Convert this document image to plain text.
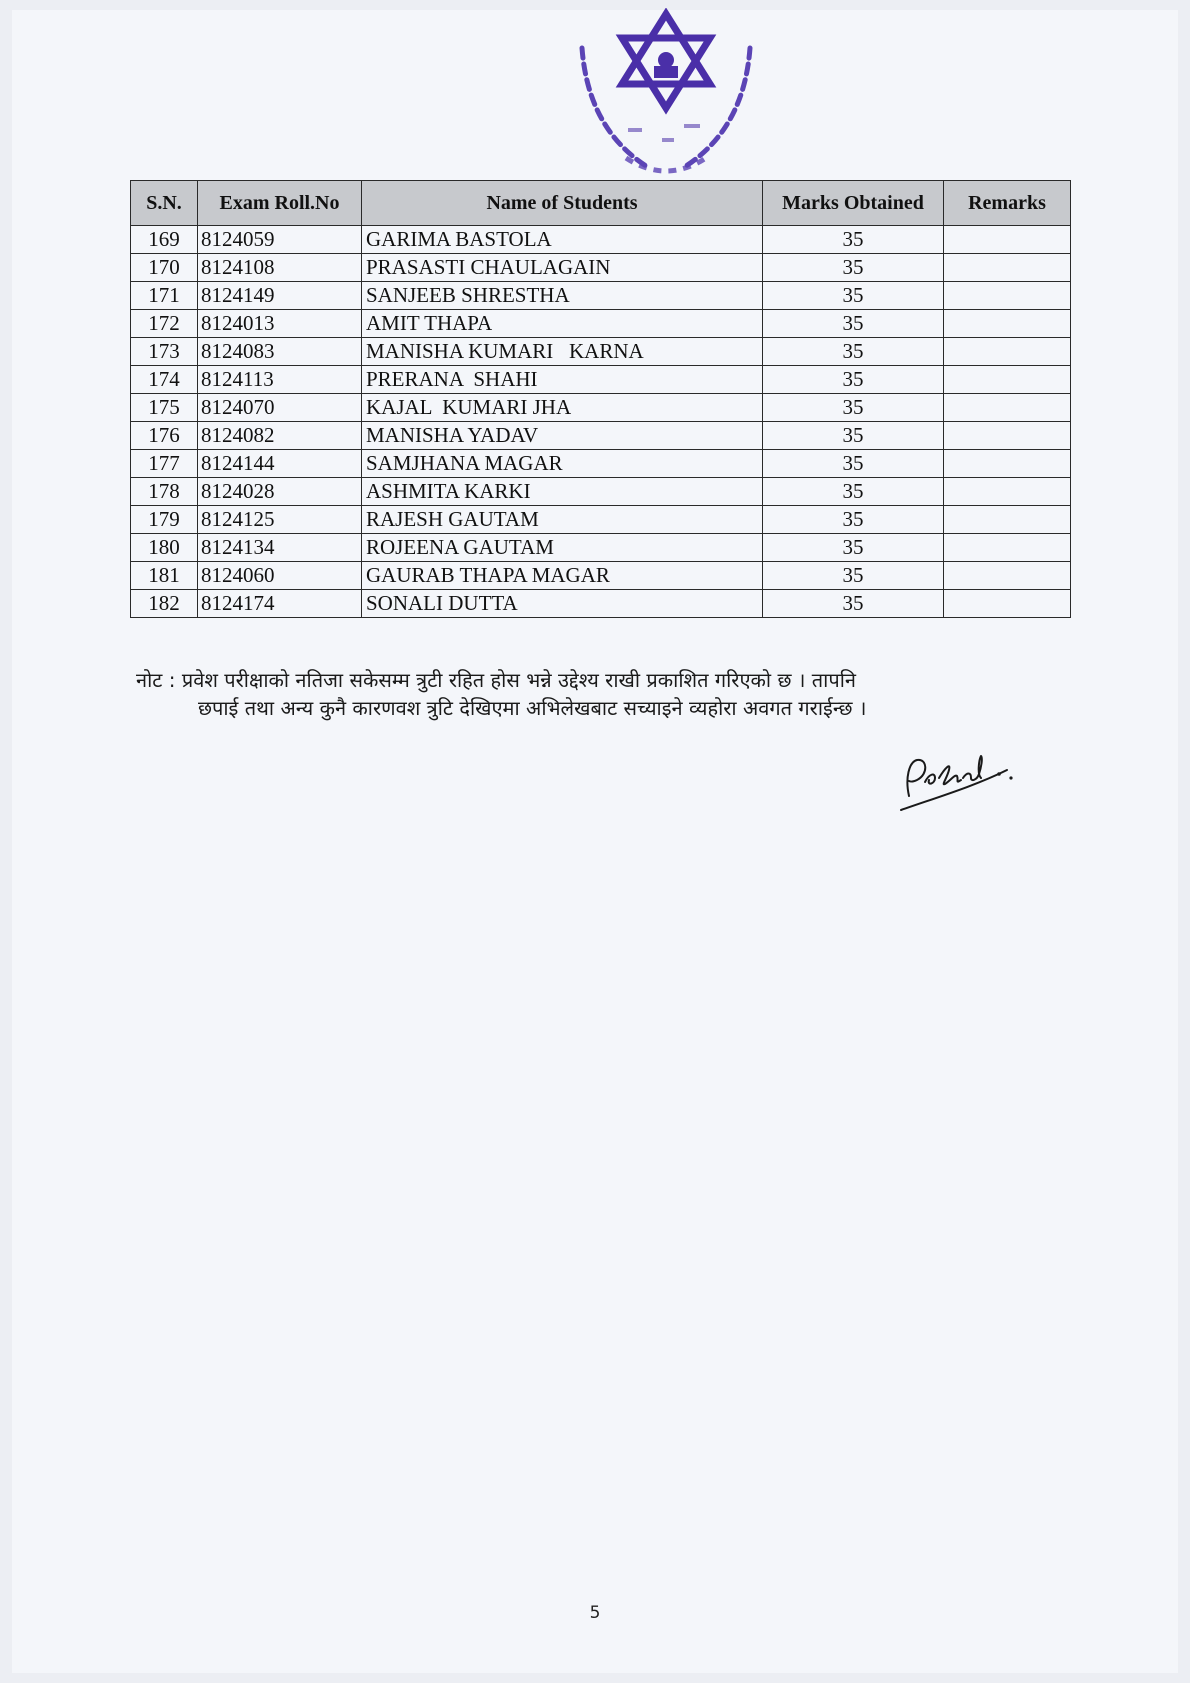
S.N.	Exam Roll.No	Name of Students	Marks Obtained	Remarks
169	8124059	GARIMA BASTOLA	35	
170	8124108	PRASASTI CHAULAGAIN	35	
171	8124149	SANJEEB SHRESTHA	35	
172	8124013	AMIT THAPA	35	
173	8124083	MANISHA KUMARI   KARNA	35	
174	8124113	PRERANA  SHAHI	35	
175	8124070	KAJAL  KUMARI JHA	35	
176	8124082	MANISHA YADAV	35	
177	8124144	SAMJHANA MAGAR	35	
178	8124028	ASHMITA KARKI	35	
179	8124125	RAJESH GAUTAM	35	
180	8124134	ROJEENA GAUTAM	35	
181	8124060	GAURAB THAPA MAGAR	35	
182	8124174	SONALI DUTTA	35	
नोट : प्रवेश परीक्षाको नतिजा सकेसम्म त्रुटी रहित होस भन्ने उद्देश्य राखी प्रकाशित गरिएको छ । तापनि
छपाई तथा अन्य कुनै कारणवश त्रुटि देखिएमा अभिलेखबाट सच्याइने व्यहोरा अवगत गराईन्छ ।
5
